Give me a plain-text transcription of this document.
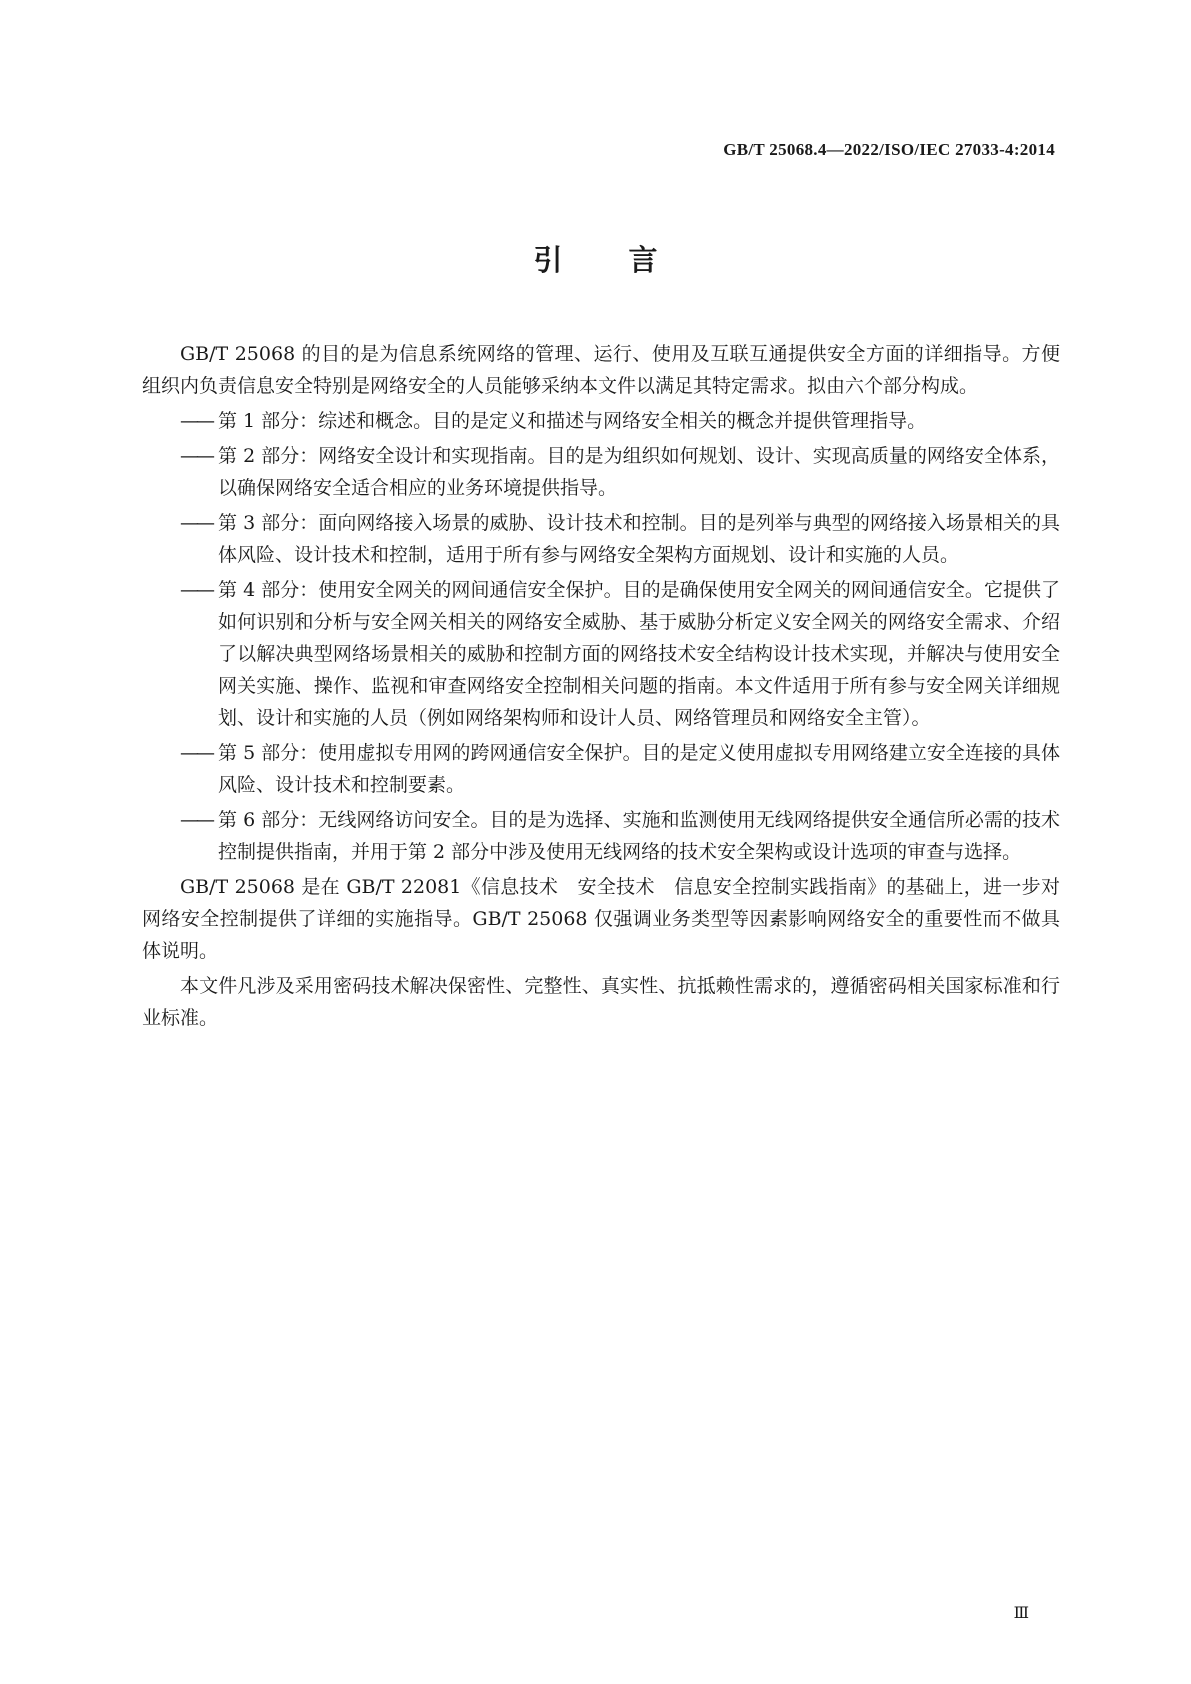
GB/T 25068.4—2022/ISO/IEC 27033-4:2014
引言

GB/T 25068 的目的是为信息系统网络的管理、运行、使用及互联互通提供安全方面的详细指导。方便组织内负责信息安全特别是网络安全的人员能够采纳本文件以满足其特定需求。拟由六个部分构成。

—— 第 1 部分：综述和概念。目的是定义和描述与网络安全相关的概念并提供管理指导。
—— 第 2 部分：网络安全设计和实现指南。目的是为组织如何规划、设计、实现高质量的网络安全体系，以确保网络安全适合相应的业务环境提供指导。
—— 第 3 部分：面向网络接入场景的威胁、设计技术和控制。目的是列举与典型的网络接入场景相关的具体风险、设计技术和控制，适用于所有参与网络安全架构方面规划、设计和实施的人员。
—— 第 4 部分：使用安全网关的网间通信安全保护。目的是确保使用安全网关的网间通信安全。它提供了如何识别和分析与安全网关相关的网络安全威胁、基于威胁分析定义安全网关的网络安全需求、介绍了以解决典型网络场景相关的威胁和控制方面的网络技术安全结构设计技术实现，并解决与使用安全网关实施、操作、监视和审查网络安全控制相关问题的指南。本文件适用于所有参与安全网关详细规划、设计和实施的人员（例如网络架构师和设计人员、网络管理员和网络安全主管）。
—— 第 5 部分：使用虚拟专用网的跨网通信安全保护。目的是定义使用虚拟专用网络建立安全连接的具体风险、设计技术和控制要素。
—— 第 6 部分：无线网络访问安全。目的是为选择、实施和监测使用无线网络提供安全通信所必需的技术控制提供指南，并用于第 2 部分中涉及使用无线网络的技术安全架构或设计选项的审查与选择。

GB/T 25068 是在 GB/T 22081《信息技术　安全技术　信息安全控制实践指南》的基础上，进一步对网络安全控制提供了详细的实施指导。GB/T 25068 仅强调业务类型等因素影响网络安全的重要性而不做具体说明。

本文件凡涉及采用密码技术解决保密性、完整性、真实性、抗抵赖性需求的，遵循密码相关国家标准和行业标准。

Ⅲ
